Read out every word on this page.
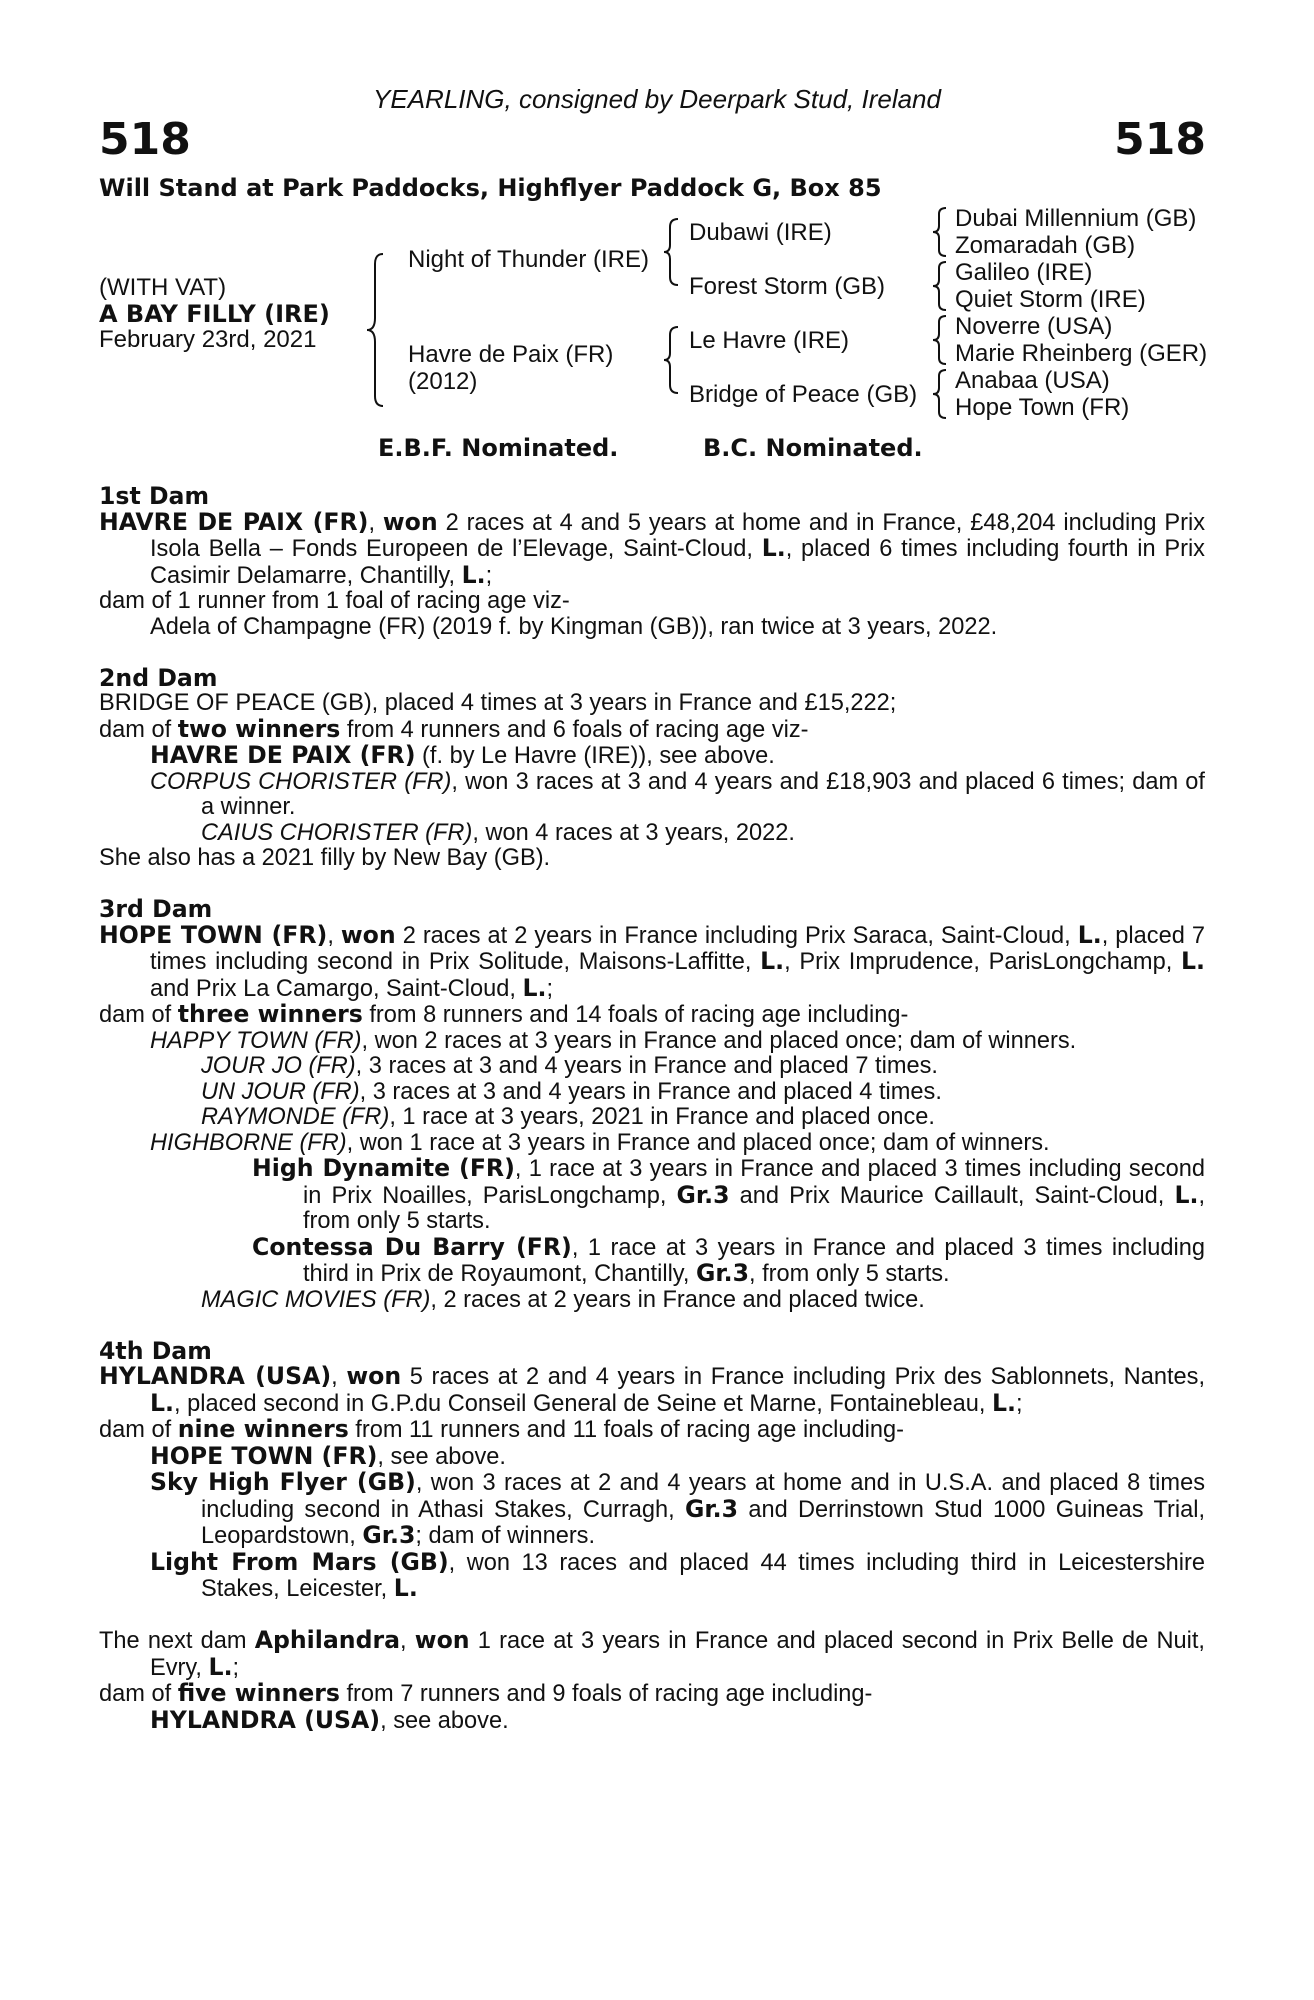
YEARLING, consigned by Deerpark Stud, Ireland
518	518
Will Stand at Park Paddocks, Highflyer Paddock G, Box 85
(WITH VAT)
A BAY FILLY (IRE)
February 23rd, 2021
Night of Thunder (IRE)
Havre de Paix (FR)
(2012)
Dubawi (IRE)
Forest Storm (GB)
Le Havre (IRE)
Bridge of Peace (GB)
Dubai Millennium (GB)
Zomaradah (GB)
Galileo (IRE)
Quiet Storm (IRE)
Noverre (USA)
Marie Rheinberg (GER)
Anabaa (USA)
Hope Town (FR)
E.B.F. Nominated.	B.C. Nominated.

1st Dam

HAVRE DE PAIX (FR), won 2 races at 4 and 5 years at home and in France, £48,204 including Prix Isola Bella – Fonds Europeen de l’Elevage, Saint-Cloud, L., placed 6 times including fourth in Prix Casimir Delamarre, Chantilly, L.;

dam of 1 runner from 1 foal of racing age viz-

Adela of Champagne (FR) (2019 f. by Kingman (GB)), ran twice at 3 years, 2022.

2nd Dam

BRIDGE OF PEACE (GB), placed 4 times at 3 years in France and £15,222;

dam of two winners from 4 runners and 6 foals of racing age viz-

HAVRE DE PAIX (FR) (f. by Le Havre (IRE)), see above.

CORPUS CHORISTER (FR), won 3 races at 3 and 4 years and £18,903 and placed 6 times; dam of a winner.

CAIUS CHORISTER (FR), won 4 races at 3 years, 2022.

She also has a 2021 filly by New Bay (GB).

3rd Dam

HOPE TOWN (FR), won 2 races at 2 years in France including Prix Saraca, Saint-Cloud, L., placed 7 times including second in Prix Solitude, Maisons-Laffitte, L., Prix Imprudence, ParisLongchamp, L. and Prix La Camargo, Saint-Cloud, L.;

dam of three winners from 8 runners and 14 foals of racing age including-

HAPPY TOWN (FR), won 2 races at 3 years in France and placed once; dam of winners.

JOUR JO (FR), 3 races at 3 and 4 years in France and placed 7 times.

UN JOUR (FR), 3 races at 3 and 4 years in France and placed 4 times.

RAYMONDE (FR), 1 race at 3 years, 2021 in France and placed once.

HIGHBORNE (FR), won 1 race at 3 years in France and placed once; dam of winners.

High Dynamite (FR), 1 race at 3 years in France and placed 3 times including second in Prix Noailles, ParisLongchamp, Gr.3 and Prix Maurice Caillault, Saint-Cloud, L., from only 5 starts.

Contessa Du Barry (FR), 1 race at 3 years in France and placed 3 times including third in Prix de Royaumont, Chantilly, Gr.3, from only 5 starts.

MAGIC MOVIES (FR), 2 races at 2 years in France and placed twice.

4th Dam

HYLANDRA (USA), won 5 races at 2 and 4 years in France including Prix des Sablonnets, Nantes, L., placed second in G.P.du Conseil General de Seine et Marne, Fontainebleau, L.;

dam of nine winners from 11 runners and 11 foals of racing age including-

HOPE TOWN (FR), see above.

Sky High Flyer (GB), won 3 races at 2 and 4 years at home and in U.S.A. and placed 8 times including second in Athasi Stakes, Curragh, Gr.3 and Derrinstown Stud 1000 Guineas Trial, Leopardstown, Gr.3; dam of winners.

Light From Mars (GB), won 13 races and placed 44 times including third in Leicestershire Stakes, Leicester, L.

The next dam Aphilandra, won 1 race at 3 years in France and placed second in Prix Belle de Nuit, Evry, L.;

dam of five winners from 7 runners and 9 foals of racing age including-

HYLANDRA (USA), see above.
